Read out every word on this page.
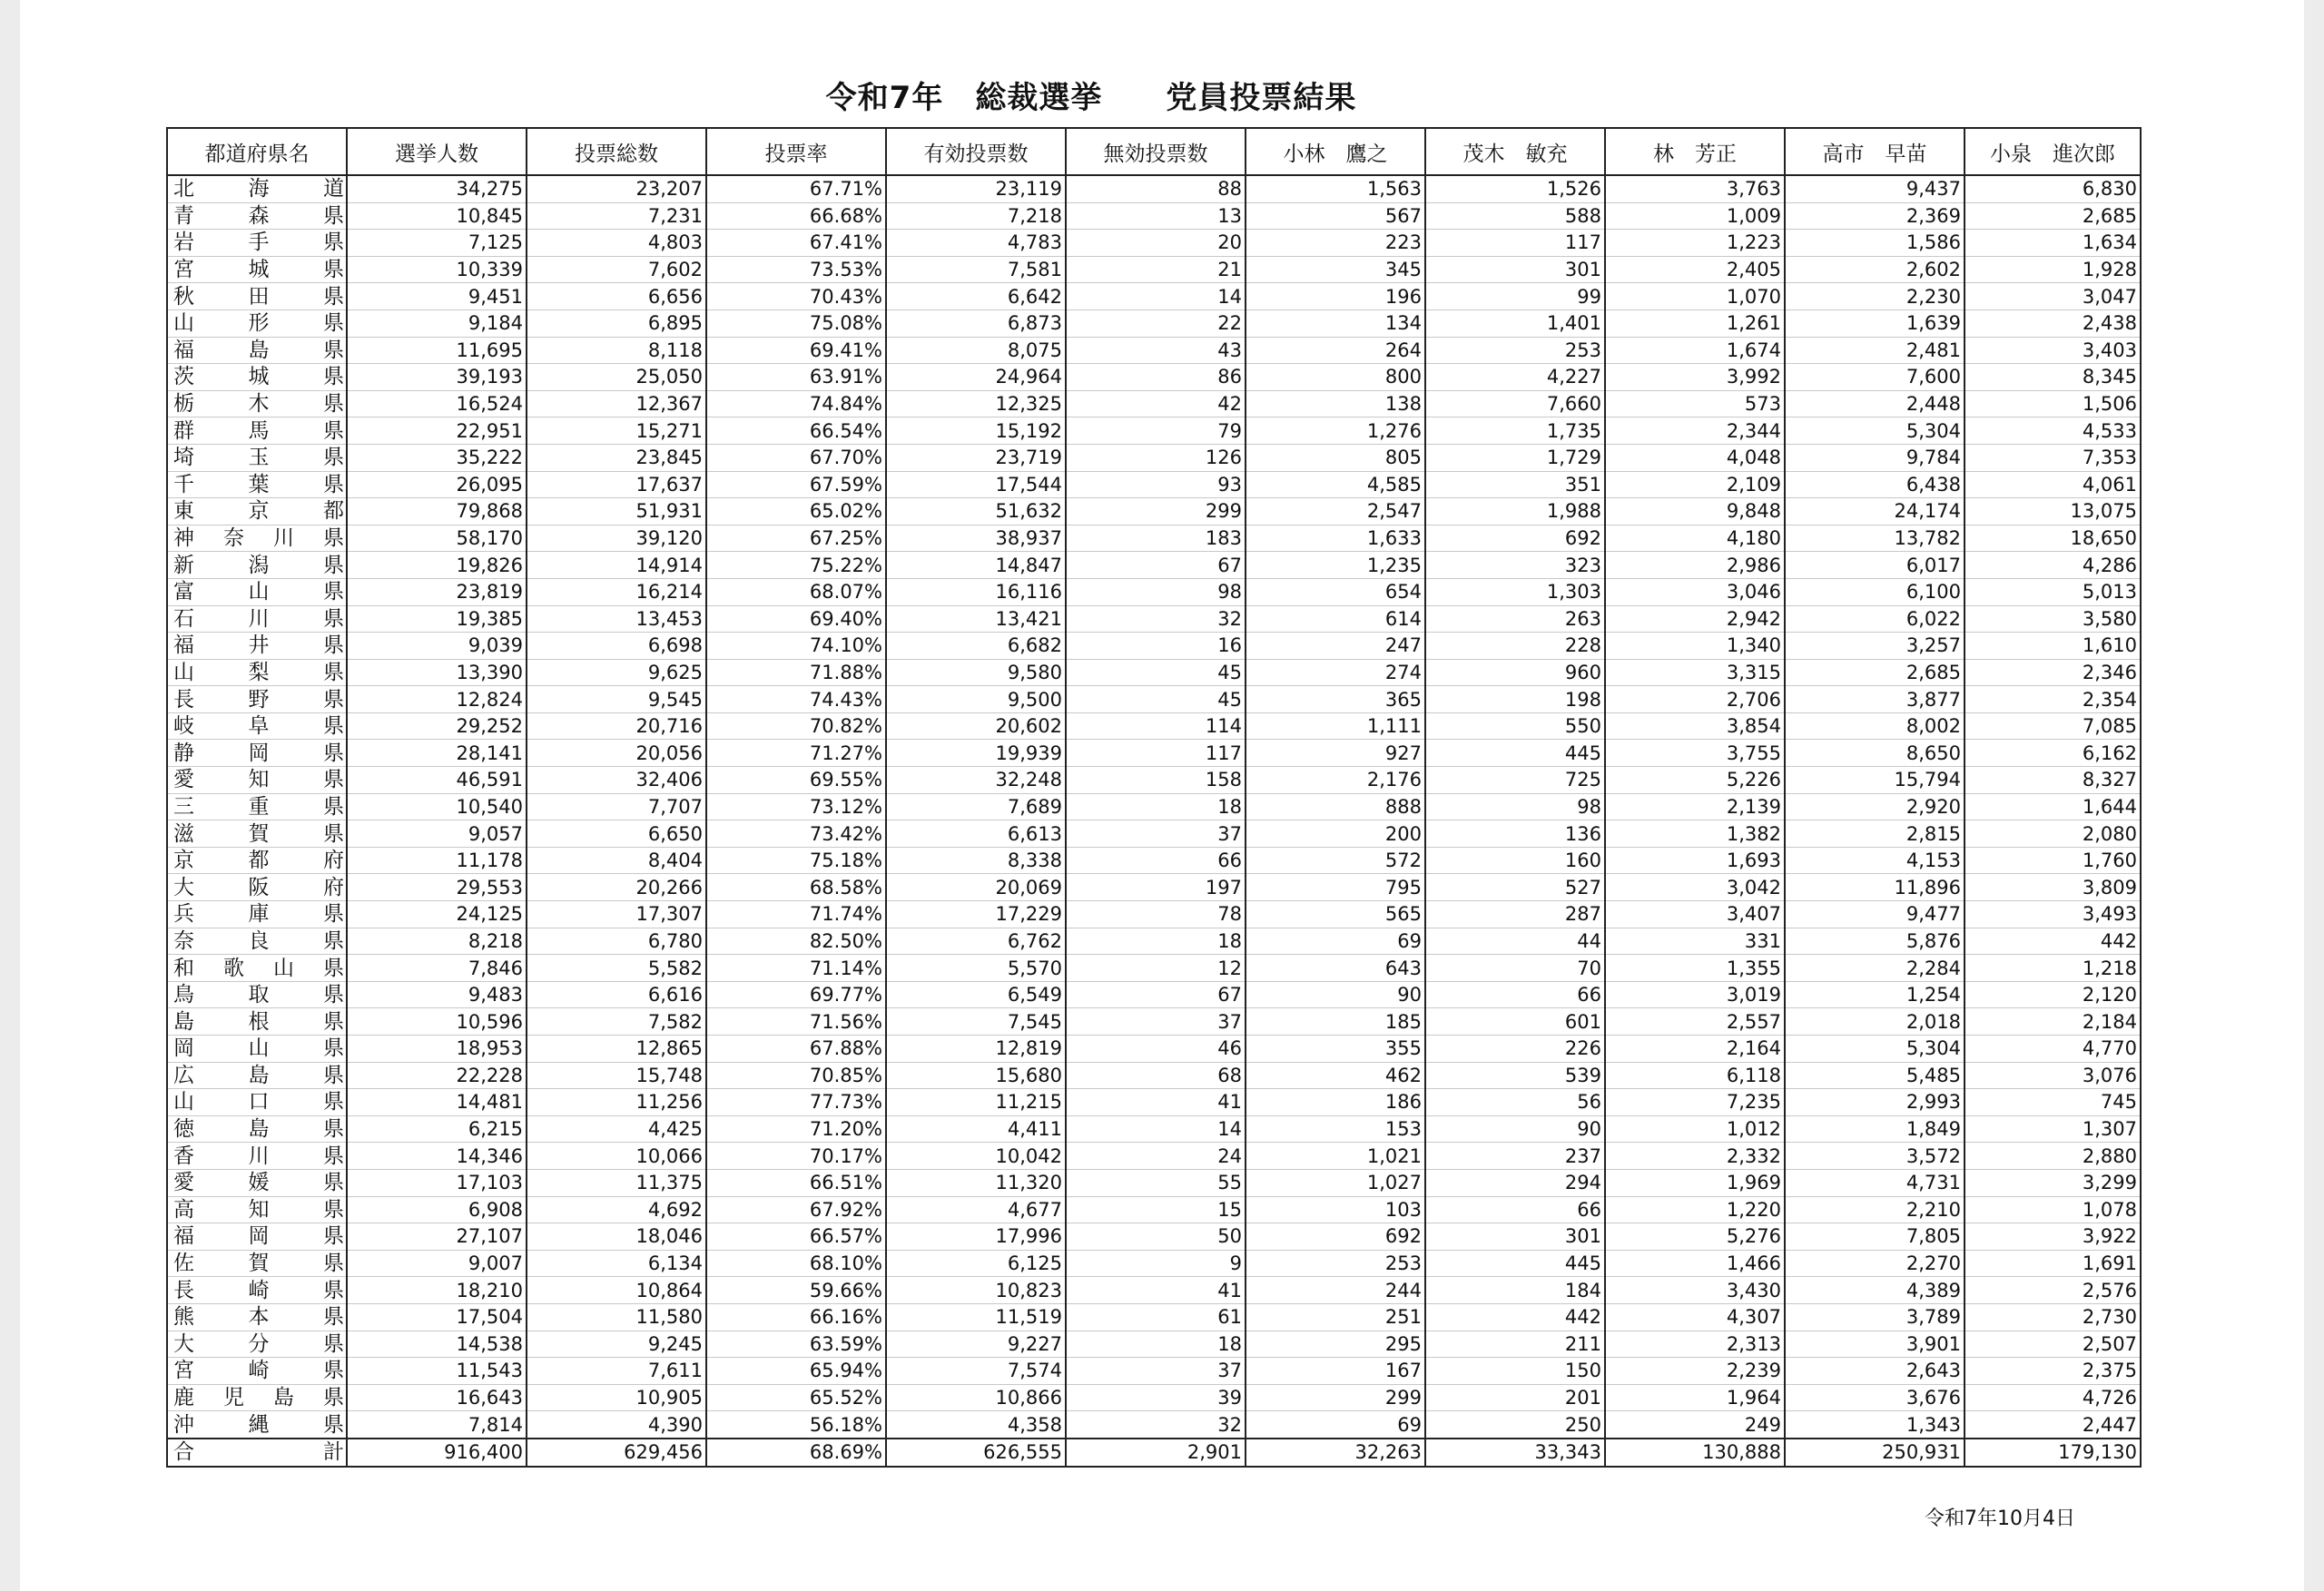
令和7年　総裁選挙　　党員投票結果
都道府県名	選挙人数	投票総数	投票率	有効投票数	無効投票数	小林　鷹之	茂木　敏充	林　芳正	高市　早苗	小泉　進次郎

北 海 道	34,275	23,207	67.71%	23,119	88	1,563	1,526	3,763	9,437	6,830

青 森 県	10,845	7,231	66.68%	7,218	13	567	588	1,009	2,369	2,685

岩 手 県	7,125	4,803	67.41%	4,783	20	223	117	1,223	1,586	1,634

宮 城 県	10,339	7,602	73.53%	7,581	21	345	301	2,405	2,602	1,928

秋 田 県	9,451	6,656	70.43%	6,642	14	196	99	1,070	2,230	3,047

山 形 県	9,184	6,895	75.08%	6,873	22	134	1,401	1,261	1,639	2,438

福 島 県	11,695	8,118	69.41%	8,075	43	264	253	1,674	2,481	3,403

茨 城 県	39,193	25,050	63.91%	24,964	86	800	4,227	3,992	7,600	8,345

栃 木 県	16,524	12,367	74.84%	12,325	42	138	7,660	573	2,448	1,506

群 馬 県	22,951	15,271	66.54%	15,192	79	1,276	1,735	2,344	5,304	4,533

埼 玉 県	35,222	23,845	67.70%	23,719	126	805	1,729	4,048	9,784	7,353

千 葉 県	26,095	17,637	67.59%	17,544	93	4,585	351	2,109	6,438	4,061

東 京 都	79,868	51,931	65.02%	51,632	299	2,547	1,988	9,848	24,174	13,075

神 奈 川 県	58,170	39,120	67.25%	38,937	183	1,633	692	4,180	13,782	18,650

新 潟 県	19,826	14,914	75.22%	14,847	67	1,235	323	2,986	6,017	4,286

富 山 県	23,819	16,214	68.07%	16,116	98	654	1,303	3,046	6,100	5,013

石 川 県	19,385	13,453	69.40%	13,421	32	614	263	2,942	6,022	3,580

福 井 県	9,039	6,698	74.10%	6,682	16	247	228	1,340	3,257	1,610

山 梨 県	13,390	9,625	71.88%	9,580	45	274	960	3,315	2,685	2,346

長 野 県	12,824	9,545	74.43%	9,500	45	365	198	2,706	3,877	2,354

岐 阜 県	29,252	20,716	70.82%	20,602	114	1,111	550	3,854	8,002	7,085

静 岡 県	28,141	20,056	71.27%	19,939	117	927	445	3,755	8,650	6,162

愛 知 県	46,591	32,406	69.55%	32,248	158	2,176	725	5,226	15,794	8,327

三 重 県	10,540	7,707	73.12%	7,689	18	888	98	2,139	2,920	1,644

滋 賀 県	9,057	6,650	73.42%	6,613	37	200	136	1,382	2,815	2,080

京 都 府	11,178	8,404	75.18%	8,338	66	572	160	1,693	4,153	1,760

大 阪 府	29,553	20,266	68.58%	20,069	197	795	527	3,042	11,896	3,809

兵 庫 県	24,125	17,307	71.74%	17,229	78	565	287	3,407	9,477	3,493

奈 良 県	8,218	6,780	82.50%	6,762	18	69	44	331	5,876	442

和 歌 山 県	7,846	5,582	71.14%	5,570	12	643	70	1,355	2,284	1,218

鳥 取 県	9,483	6,616	69.77%	6,549	67	90	66	3,019	1,254	2,120

島 根 県	10,596	7,582	71.56%	7,545	37	185	601	2,557	2,018	2,184

岡 山 県	18,953	12,865	67.88%	12,819	46	355	226	2,164	5,304	4,770

広 島 県	22,228	15,748	70.85%	15,680	68	462	539	6,118	5,485	3,076

山 口 県	14,481	11,256	77.73%	11,215	41	186	56	7,235	2,993	745

徳 島 県	6,215	4,425	71.20%	4,411	14	153	90	1,012	1,849	1,307

香 川 県	14,346	10,066	70.17%	10,042	24	1,021	237	2,332	3,572	2,880

愛 媛 県	17,103	11,375	66.51%	11,320	55	1,027	294	1,969	4,731	3,299

高 知 県	6,908	4,692	67.92%	4,677	15	103	66	1,220	2,210	1,078

福 岡 県	27,107	18,046	66.57%	17,996	50	692	301	5,276	7,805	3,922

佐 賀 県	9,007	6,134	68.10%	6,125	9	253	445	1,466	2,270	1,691

長 崎 県	18,210	10,864	59.66%	10,823	41	244	184	3,430	4,389	2,576

熊 本 県	17,504	11,580	66.16%	11,519	61	251	442	4,307	3,789	2,730

大 分 県	14,538	9,245	63.59%	9,227	18	295	211	2,313	3,901	2,507

宮 崎 県	11,543	7,611	65.94%	7,574	37	167	150	2,239	2,643	2,375

鹿 児 島 県	16,643	10,905	65.52%	10,866	39	299	201	1,964	3,676	4,726

沖 縄 県	7,814	4,390	56.18%	4,358	32	69	250	249	1,343	2,447

合 計	916,400	629,456	68.69%	626,555	2,901	32,263	33,343	130,888	250,931	179,130
令和7年10月4日
